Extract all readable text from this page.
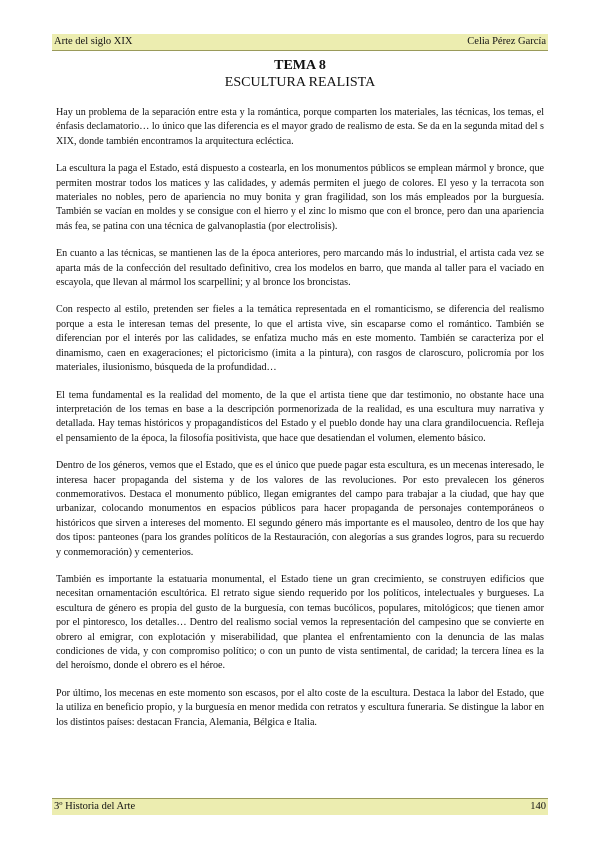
Arte del siglo XIX	Celia Pérez García
TEMA 8
ESCULTURA REALISTA

Hay un problema de la separación entre esta y la romántica, porque comparten los materiales, las técnicas, los temas, el énfasis declamatorio… lo único que las diferencia es el mayor grado de realismo de esta. Se da en la segunda mitad del s XIX, donde también encontramos la arquitectura ecléctica.

La escultura la paga el Estado, está dispuesto a costearla, en los monumentos públicos se emplean mármol y bronce, que permiten mostrar todos los matices y las calidades, y además permiten el juego de colores. El yeso y la terracota son materiales no nobles, pero de apariencia no muy bonita y gran fragilidad, son los más empleados por la burguesía. También se vacían en moldes y se consigue con el hierro y el zinc lo mismo que con el bronce, pero dan una apariencia más fea, se patina con una técnica de galvanoplastia (por electrolisis).

En cuanto a las técnicas, se mantienen las de la época anteriores, pero marcando más lo industrial, el artista cada vez se aparta más de la confección del resultado definitivo, crea los modelos en barro, que manda al taller para el vaciado en escayola, que llevan al mármol los scarpellini; y al bronce los broncistas.

Con respecto al estilo, pretenden ser fieles a la temática representada en el romanticismo, se diferencia del realismo porque a esta le interesan temas del presente, lo que el artista vive, sin escaparse como el romántico. También se diferencian por el interés por las calidades, se enfatiza mucho más en este momento. También se caracteriza por el dinamismo, caen en exageraciones; el pictoricismo (imita a la pintura), con rasgos de claroscuro, policromía por los materiales, ilusionismo, búsqueda de la profundidad…

El tema fundamental es la realidad del momento, de la que el artista tiene que dar testimonio, no obstante hace una interpretación de los temas en base a la descripción pormenorizada de la realidad, es una escultura muy narrativa y detallada. Hay temas históricos y propagandísticos del Estado y el pueblo donde hay una clara grandilocuencia. Refleja el pensamiento de la época, la filosofía positivista, que hace que desatiendan el volumen, elemento básico.

Dentro de los géneros, vemos que el Estado, que es el único que puede pagar esta escultura, es un mecenas interesado, le interesa hacer propaganda del sistema y de los valores de las revoluciones. Por esto prevalecen los géneros conmemorativos. Destaca el monumento público, llegan emigrantes del campo para trabajar a la ciudad, que hay que urbanizar, colocando monumentos en espacios públicos para hacer propaganda de personajes contemporáneos o históricos que sirven a intereses del momento. El segundo género más importante es el mausoleo, dentro de los que hay dos tipos: panteones (para los grandes políticos de la Restauración, con alegorías a sus grandes logros, para su recuerdo y conmemoración) y cementerios.

También es importante la estatuaria monumental, el Estado tiene un gran crecimiento, se construyen edificios que necesitan ornamentación escultórica. El retrato sigue siendo requerido por los políticos, intelectuales y burgueses. La escultura de género es propia del gusto de la burguesía, con temas bucólicos, populares, mitológicos; que tienen amor por el pintoresco, los detalles… Dentro del realismo social vemos la representación del campesino que se convierte en obrero al emigrar, con explotación y miserabilidad, que plantea el enfrentamiento con la denuncia de las malas condiciones de vida, y con compromiso político; o con un punto de vista sentimental, de caridad; la tercera línea es la del heroísmo, donde el obrero es el héroe.

Por último, los mecenas en este momento son escasos, por el alto coste de la escultura. Destaca la labor del Estado, que la utiliza en beneficio propio, y la burguesía en menor medida con retratos y escultura funeraria. Se distingue la labor en los distintos países: destacan Francia, Alemania, Bélgica e Italia.

3º Historia del Arte	140
